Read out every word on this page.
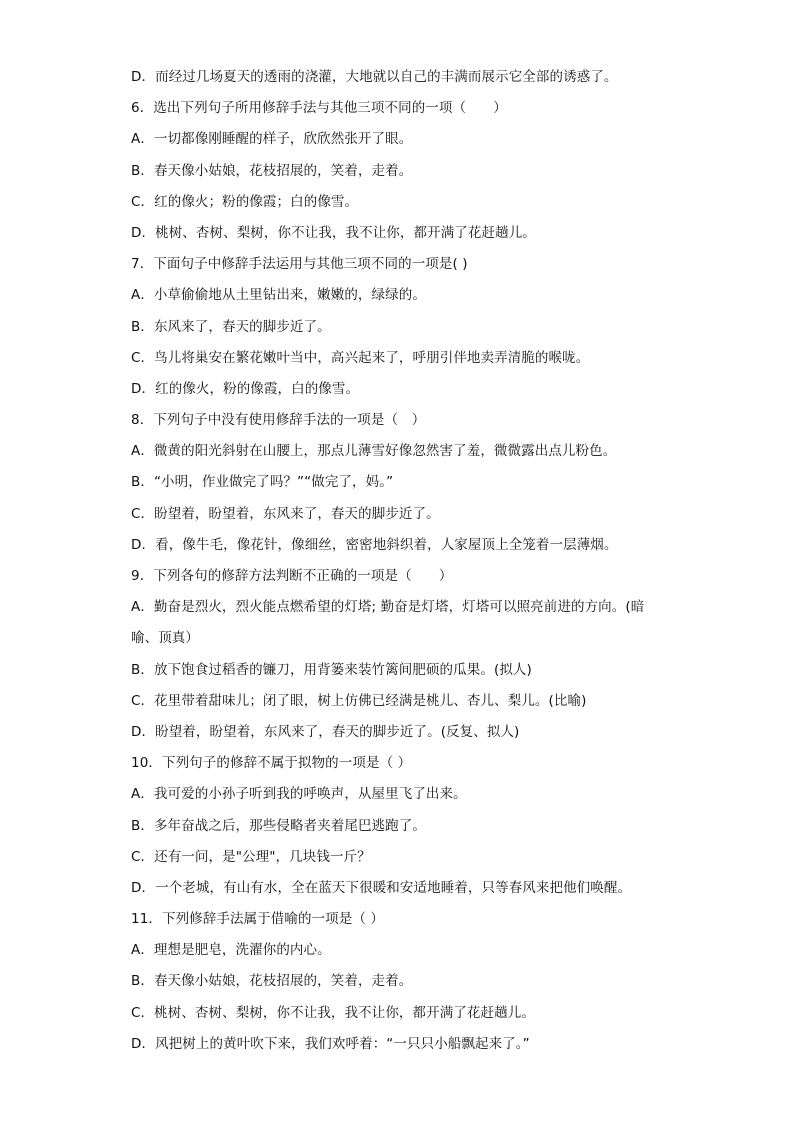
D．而经过几场夏天的透雨的浇灌，大地就以自己的丰满而展示它全部的诱惑了。
6．选出下列句子所用修辞手法与其他三项不同的一项（　　）
A．一切都像刚睡醒的样子，欣欣然张开了眼。
B．春天像小姑娘，花枝招展的，笑着，走着。
C．红的像火；粉的像霞；白的像雪。
D．桃树、杏树、梨树，你不让我，我不让你，都开满了花赶趟儿。
7．下面句子中修辞手法运用与其他三项不同的一项是( )
A．小草偷偷地从土里钻出来，嫩嫩的，绿绿的。
B．东风来了，春天的脚步近了。
C．鸟儿将巢安在繁花嫩叶当中，高兴起来了，呼朋引伴地卖弄清脆的喉咙。
D．红的像火，粉的像霞，白的像雪。
8．下列句子中没有使用修辞手法的一项是（　）
A．微黄的阳光斜射在山腰上，那点儿薄雪好像忽然害了羞，微微露出点儿粉色。
B．“小明，作业做完了吗？”“做完了，妈。”
C．盼望着，盼望着，东风来了，春天的脚步近了。
D．看，像牛毛，像花针，像细丝，密密地斜织着，人家屋顶上全笼着一层薄烟。
9．下列各句的修辞方法判断不正确的一项是（　　）
A．勤奋是烈火，烈火能点燃希望的灯塔; 勤奋是灯塔，灯塔可以照亮前进的方向。(暗
喻、顶真）
B．放下饱食过稻香的镰刀，用背篓来装竹篱间肥硕的瓜果。(拟人)
C．花里带着甜味儿；闭了眼，树上仿佛已经满是桃儿、杏儿、梨儿。(比喻)
D．盼望着，盼望着，东风来了，春天的脚步近了。(反复、拟人)
10．下列句子的修辞不属于拟物的一项是（ ）
A．我可爱的小孙子听到我的呼唤声，从屋里飞了出来。
B．多年奋战之后，那些侵略者夹着尾巴逃跑了。
C．还有一问，是"公理"，几块钱一斤？
D．一个老城，有山有水，全在蓝天下很暖和安适地睡着，只等春风来把他们唤醒。
11．下列修辞手法属于借喻的一项是（ ）
A．理想是肥皂，洗濯你的内心。
B．春天像小姑娘，花枝招展的，笑着，走着。
C．桃树、杏树、梨树，你不让我，我不让你，都开满了花赶趟儿。
D．风把树上的黄叶吹下来，我们欢呼着：“一只只小船飘起来了。”
